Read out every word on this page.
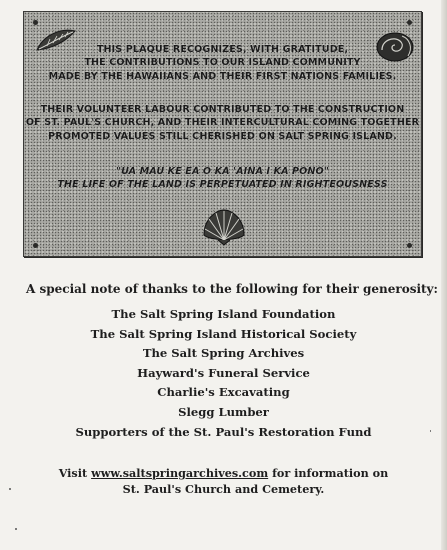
THIS PLAQUE RECOGNIZES, WITH GRATITUDE,
THE CONTRIBUTIONS TO OUR ISLAND COMMUNITY
MADE BY THE HAWAIIANS AND THEIR FIRST NATIONS FAMILIES.
THEIR VOLUNTEER LABOUR CONTRIBUTED TO THE CONSTRUCTION
OF ST. PAUL'S CHURCH, AND THEIR INTERCULTURAL COMING TOGETHER
PROMOTED VALUES STILL CHERISHED ON SALT SPRING ISLAND.
"UA MAU KE EA O KA 'AINA I KA PONO"
THE LIFE OF THE LAND IS PERPETUATED IN RIGHTEOUSNESS
A special note of thanks to the following for their generosity:
The Salt Spring Island Foundation
The Salt Spring Island Historical Society
The Salt Spring Archives
Hayward's Funeral Service
Charlie's Excavating
Slegg Lumber
Supporters of the St. Paul's Restoration Fund
Visit www.saltspringarchives.com for information on
St. Paul's Church and Cemetery.
